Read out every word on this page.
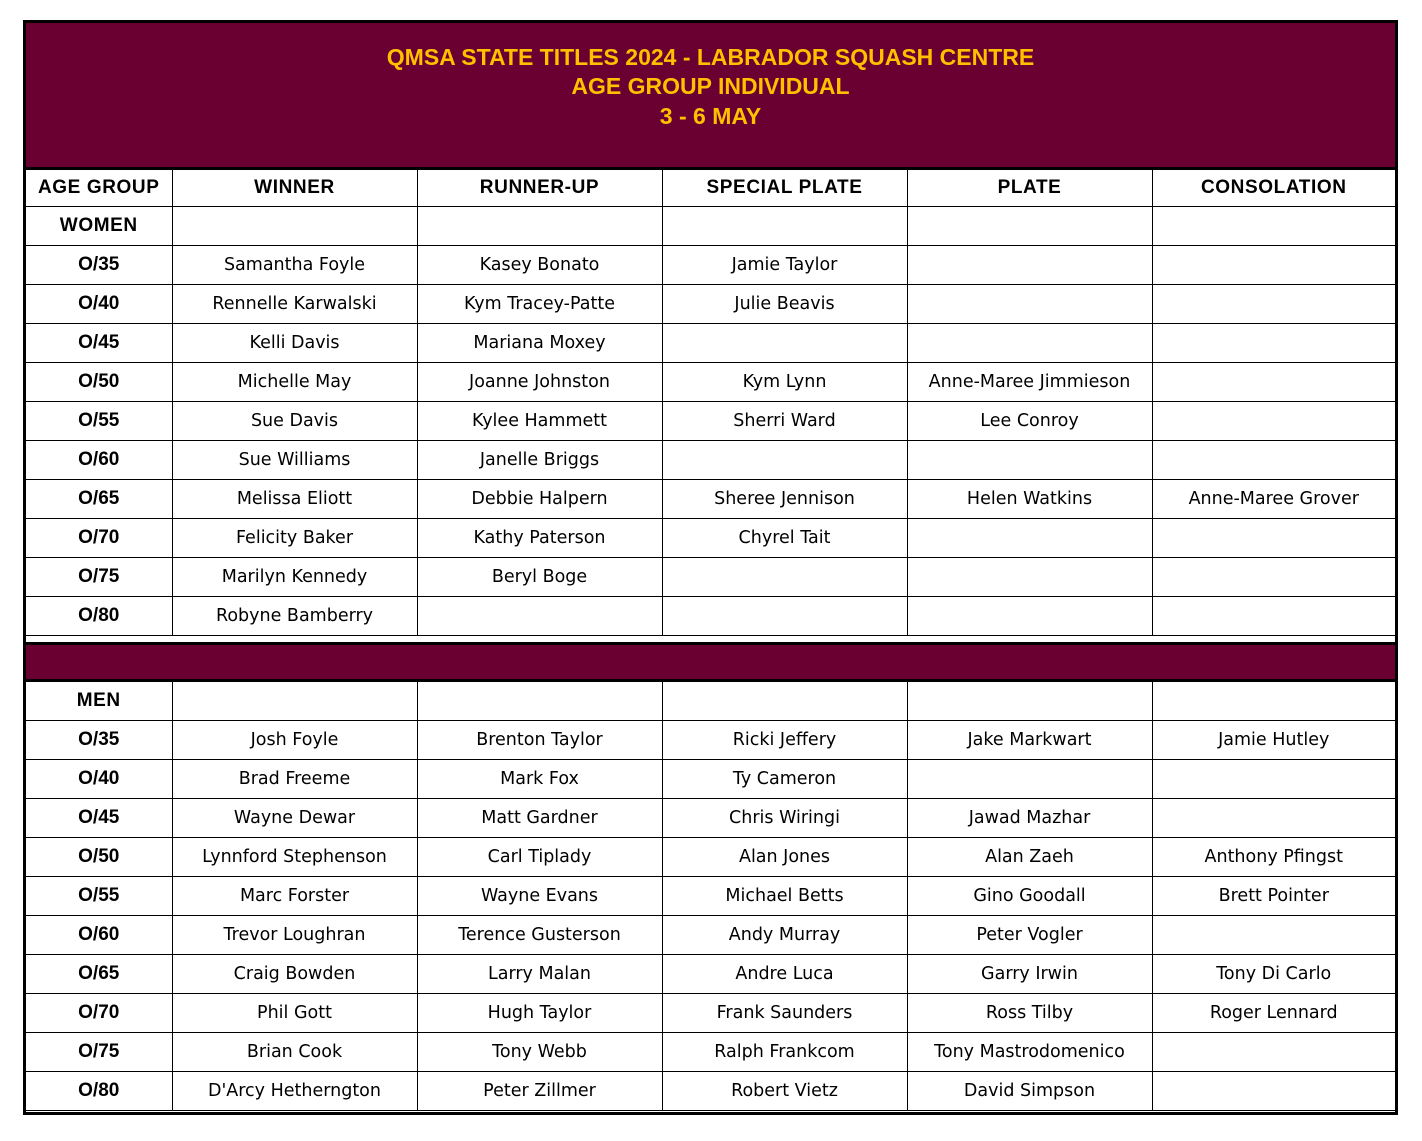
QMSA STATE TITLES 2024 - LABRADOR SQUASH CENTRE
AGE GROUP INDIVIDUAL
3 - 6 MAY
AGE GROUP	WINNER	RUNNER-UP	SPECIAL PLATE	PLATE	CONSOLATION
WOMEN					
O/35	Samantha Foyle	Kasey Bonato	Jamie Taylor		
O/40	Rennelle Karwalski	Kym Tracey-Patte	Julie Beavis		
O/45	Kelli Davis	Mariana Moxey			
O/50	Michelle May	Joanne Johnston	Kym Lynn	Anne-Maree Jimmieson	
O/55	Sue Davis	Kylee Hammett	Sherri Ward	Lee Conroy	
O/60	Sue Williams	Janelle Briggs			
O/65	Melissa Eliott	Debbie Halpern	Sheree Jennison	Helen Watkins	Anne-Maree Grover
O/70	Felicity Baker	Kathy Paterson	Chyrel Tait		
O/75	Marilyn Kennedy	Beryl Boge			
O/80	Robyne Bamberry				
MEN					
O/35	Josh Foyle	Brenton Taylor	Ricki Jeffery	Jake Markwart	Jamie Hutley
O/40	Brad Freeme	Mark Fox	Ty Cameron		
O/45	Wayne Dewar	Matt Gardner	Chris Wiringi	Jawad Mazhar	
O/50	Lynnford Stephenson	Carl Tiplady	Alan Jones	Alan Zaeh	Anthony Pfingst
O/55	Marc Forster	Wayne Evans	Michael Betts	Gino Goodall	Brett Pointer
O/60	Trevor Loughran	Terence Gusterson	Andy Murray	Peter Vogler	
O/65	Craig Bowden	Larry Malan	Andre Luca	Garry Irwin	Tony Di Carlo
O/70	Phil Gott	Hugh Taylor	Frank Saunders	Ross Tilby	Roger Lennard
O/75	Brian Cook	Tony Webb	Ralph Frankcom	Tony Mastrodomenico	
O/80	D'Arcy Hetherngton	Peter Zillmer	Robert Vietz	David Simpson	
